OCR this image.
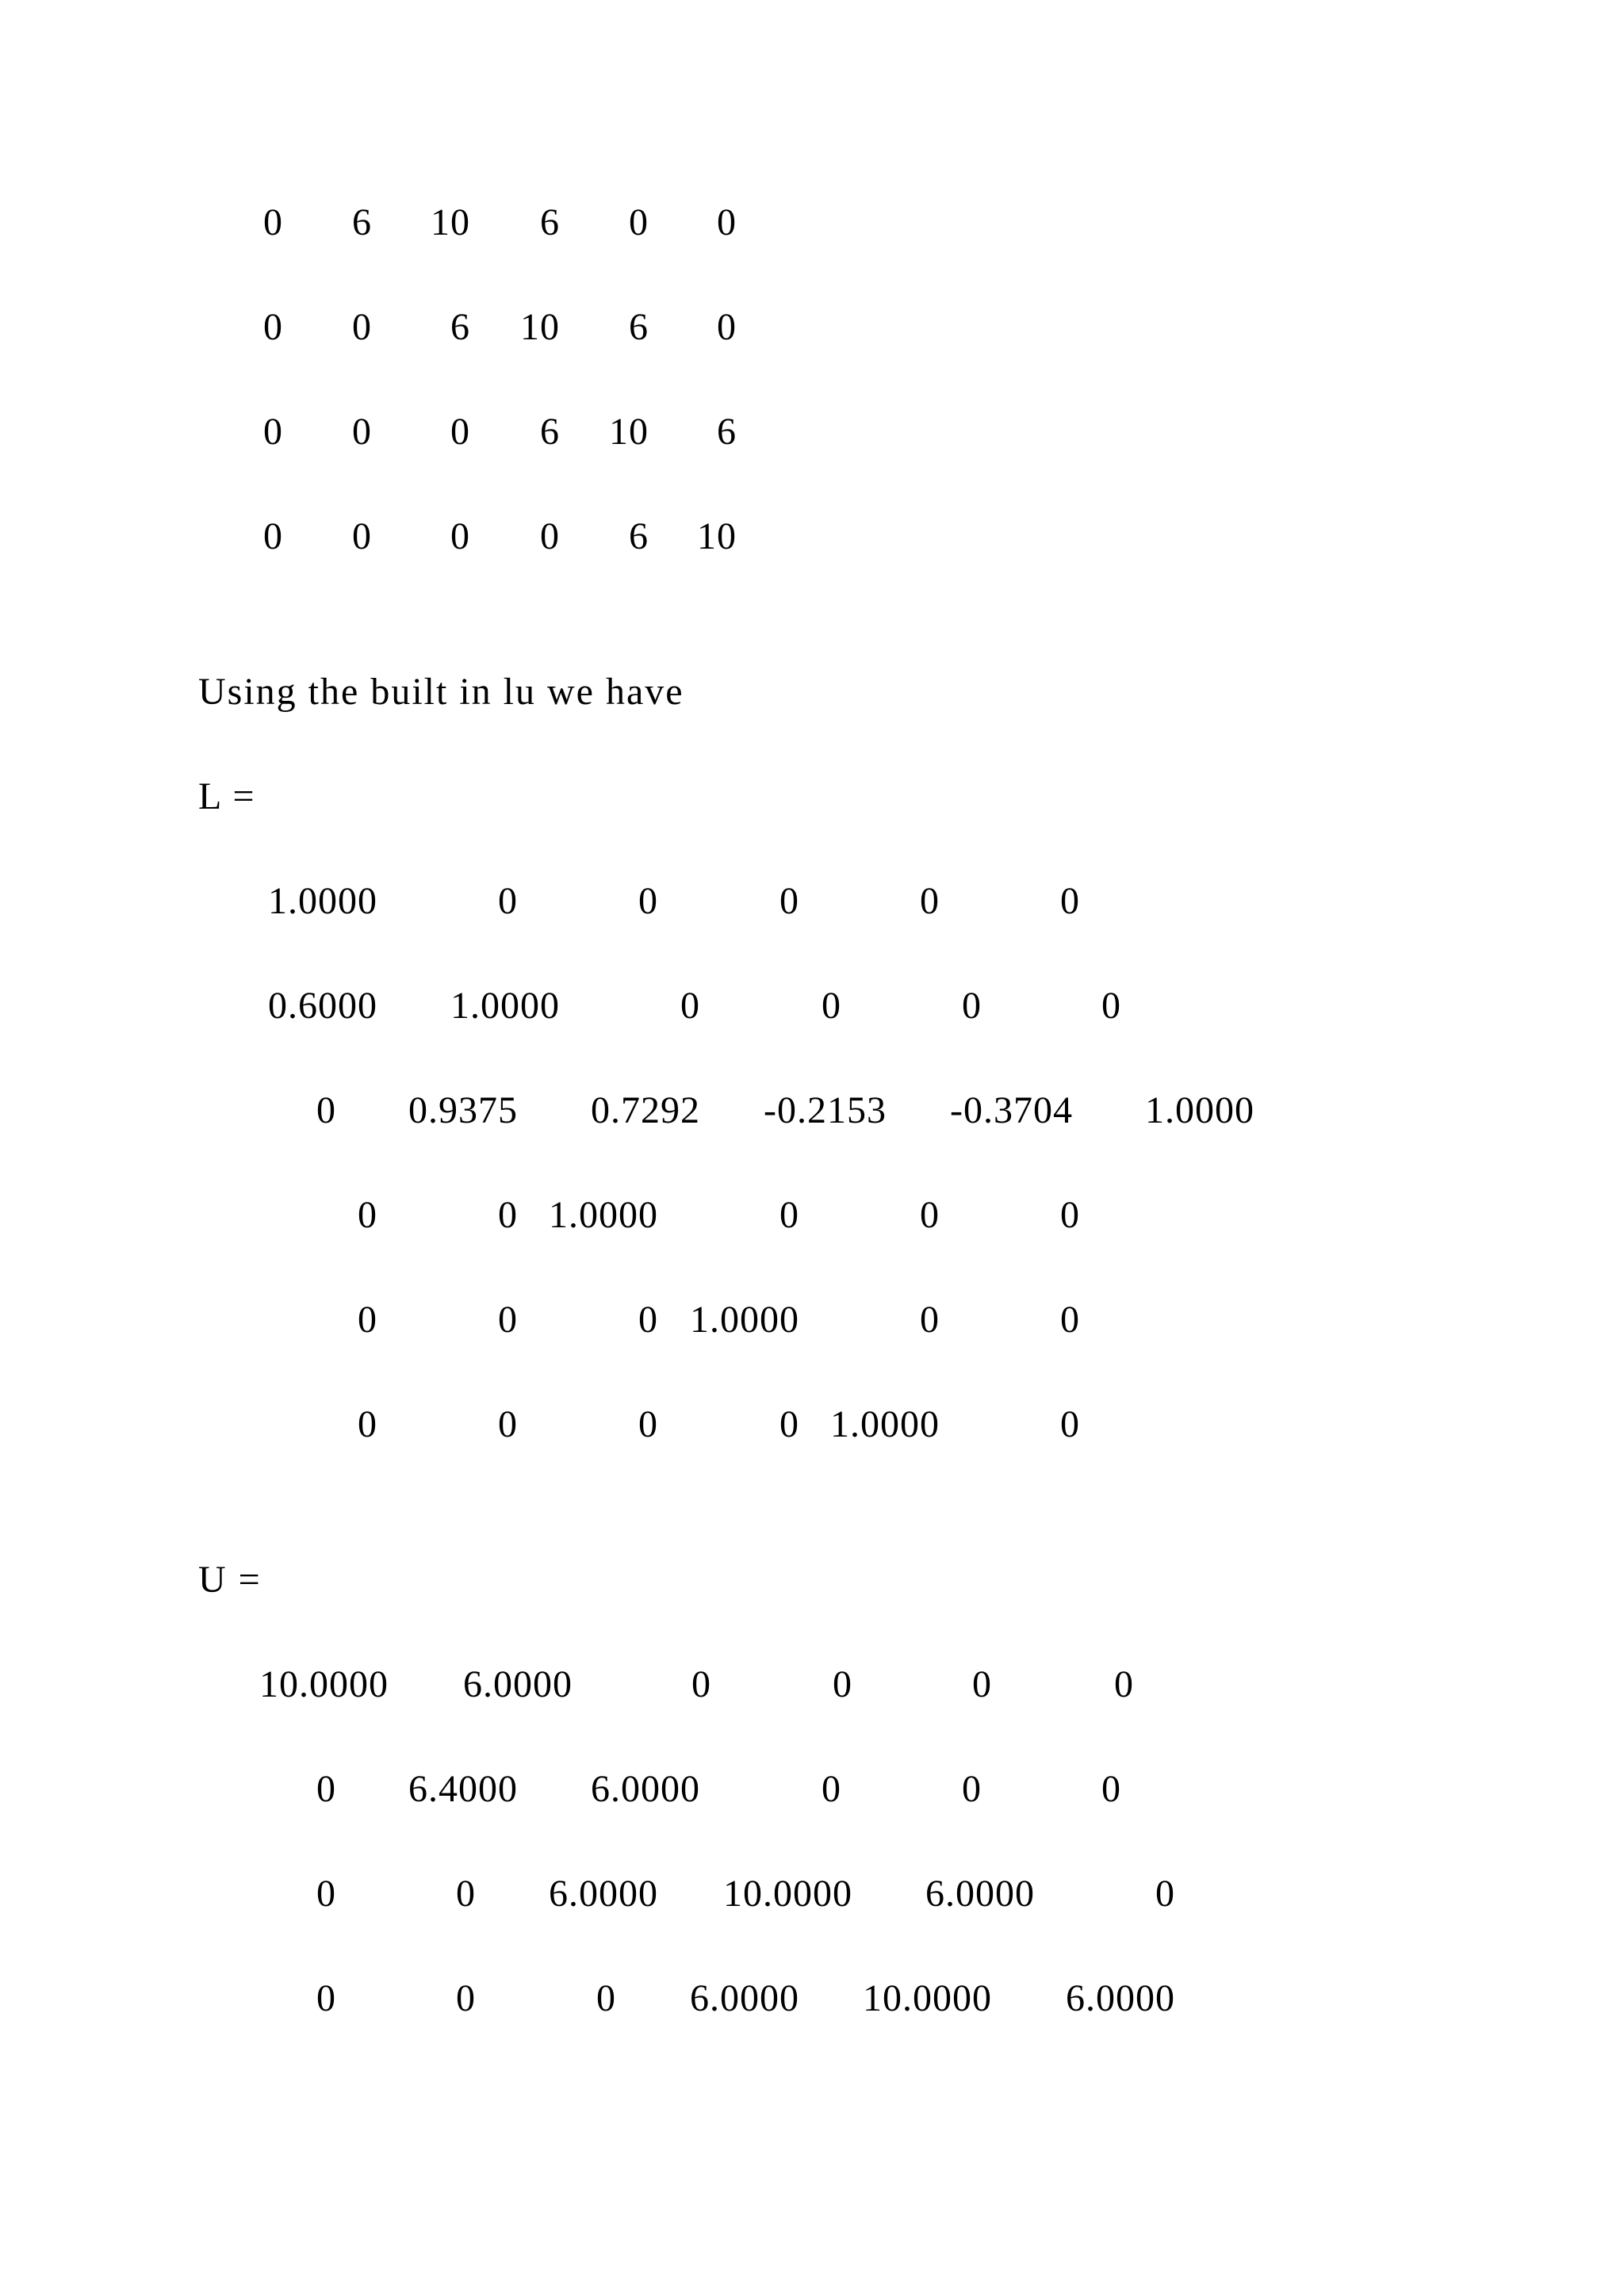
0 6 10 6 0 0
0 0 6 10 6 0
0 0 0 6 10 6
0 0 0 0 6 10
Using the built in lu we have
L =
1.0000	0	0	0	0	0
0.6000 1.0000	0	0	0	0
0 0.9375 0.7292 -0.2153 -0.3704 1.0000
0	0 1.0000	0	0	0
0	0	0 1.0000	0	0
0	0	0	0 1.0000	0
U =
10.0000 6.0000	0	0	0	0
0 6.4000 6.0000	0	0	0
0	0 6.0000 10.0000 6.0000	0
0	0	0 6.0000 10.0000 6.0000
